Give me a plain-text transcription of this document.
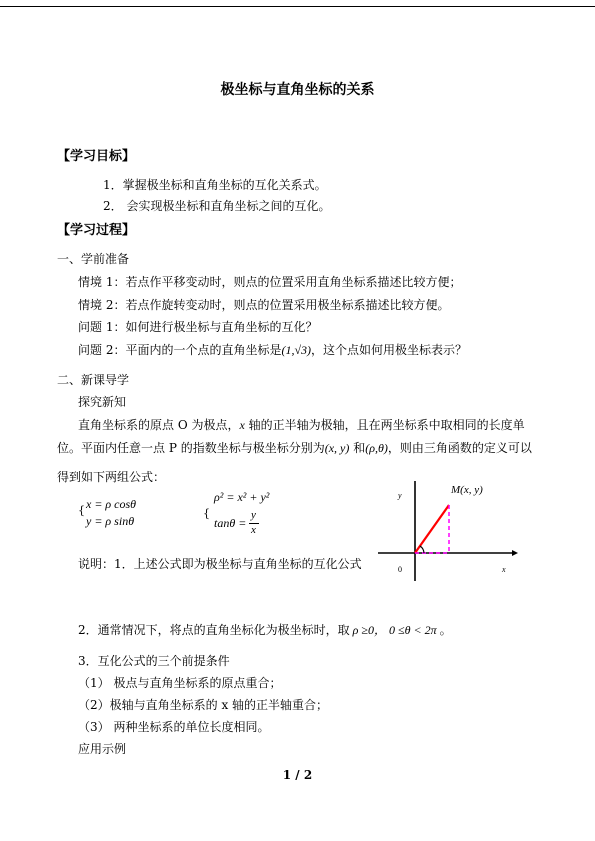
极坐标与直角坐标的关系
【学习目标】
1．掌握极坐标和直角坐标的互化关系式。
2． 会实现极坐标和直角坐标之间的互化。
【学习过程】
一、学前准备
情境 1：若点作平移变动时，则点的位置采用直角坐标系描述比较方便；
情境 2：若点作旋转变动时，则点的位置采用极坐标系描述比较方便。
问题 1：如何进行极坐标与直角坐标的互化？
问题 2：平面内的一个点的直角坐标是(1,√3)，这个点如何用极坐标表示？
二、新课导学
探究新知
直角坐标系的原点 O 为极点，x 轴的正半轴为极轴，且在两坐标系中取相同的长度单
位。平面内任意一点 P 的指数坐标与极坐标分别为(x, y) 和(ρ,θ)，则由三角函数的定义可以
得到如下两组公式：
{ x = ρ cosθ
y = ρ sinθ
{
ρ² = x² + y²
tanθ =
y
x
说明：1．上述公式即为极坐标与直角坐标的互化公式
y
0	x
M(x, y)
2．通常情况下，将点的直角坐标化为极坐标时，取 ρ ≥0， 0 ≤θ < 2π 。
3．互化公式的三个前提条件
（1） 极点与直角坐标系的原点重合；
（2）极轴与直角坐标系的 x 轴的正半轴重合；
（3） 两种坐标系的单位长度相同。
应用示例
1 / 2
